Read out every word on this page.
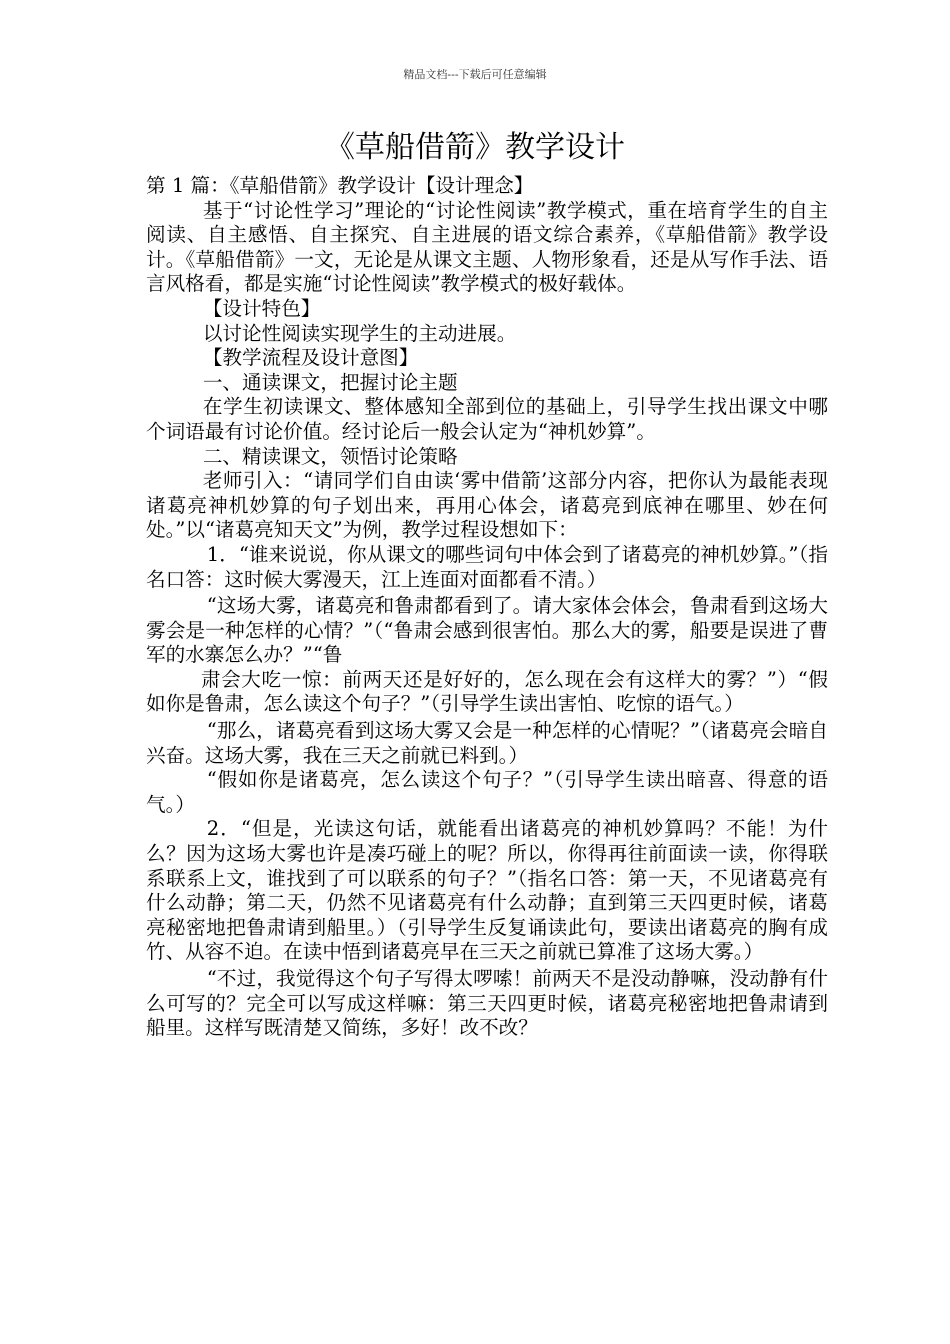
精品文档---下载后可任意编辑
《草船借箭》教学设计

第 1 篇：《草船借箭》教学设计【设计理念】

基于“讨论性学习”理论的“讨论性阅读”教学模式，重在培育学生的自主阅读、自主感悟、自主探究、自主进展的语文综合素养，《草船借箭》教学设计。《草船借箭》一文，无论是从课文主题、人物形象看，还是从写作手法、语言风格看，都是实施“讨论性阅读”教学模式的极好载体。

【设计特色】

以讨论性阅读实现学生的主动进展。

【教学流程及设计意图】

一、通读课文，把握讨论主题

在学生初读课文、整体感知全部到位的基础上，引导学生找出课文中哪个词语最有讨论价值。经讨论后一般会认定为“神机妙算”。

二、精读课文，领悟讨论策略

老师引入：“请同学们自由读‘雾中借箭’这部分内容，把你认为最能表现诸葛亮神机妙算的句子划出来，再用心体会，诸葛亮到底神在哪里、妙在何处。”以“诸葛亮知天文”为例，教学过程设想如下：

1．“谁来说说，你从课文的哪些词句中体会到了诸葛亮的神机妙算。”（指名口答：这时候大雾漫天，江上连面对面都看不清。）

“这场大雾，诸葛亮和鲁肃都看到了。请大家体会体会，鲁肃看到这场大雾会是一种怎样的心情？”（“鲁肃会感到很害怕。那么大的雾，船要是误进了曹军的水寨怎么办？”“鲁

肃会大吃一惊：前两天还是好好的，怎么现在会有这样大的雾？”）“假如你是鲁肃，怎么读这个句子？”（引导学生读出害怕、吃惊的语气。）

“那么，诸葛亮看到这场大雾又会是一种怎样的心情呢？”（诸葛亮会暗自兴奋。这场大雾，我在三天之前就已料到。）

“假如你是诸葛亮，怎么读这个句子？”（引导学生读出暗喜、得意的语气。）

2．“但是，光读这句话，就能看出诸葛亮的神机妙算吗？不能！为什么？因为这场大雾也许是凑巧碰上的呢？所以，你得再往前面读一读，你得联系联系上文，谁找到了可以联系的句子？”（指名口答：第一天，不见诸葛亮有什么动静；第二天，仍然不见诸葛亮有什么动静；直到第三天四更时候，诸葛亮秘密地把鲁肃请到船里。）（引导学生反复诵读此句，要读出诸葛亮的胸有成竹、从容不迫。在读中悟到诸葛亮早在三天之前就已算准了这场大雾。）

“不过，我觉得这个句子写得太啰嗦！前两天不是没动静嘛，没动静有什么可写的？完全可以写成这样嘛：第三天四更时候，诸葛亮秘密地把鲁肃请到船里。这样写既清楚又简练，多好！改不改？
